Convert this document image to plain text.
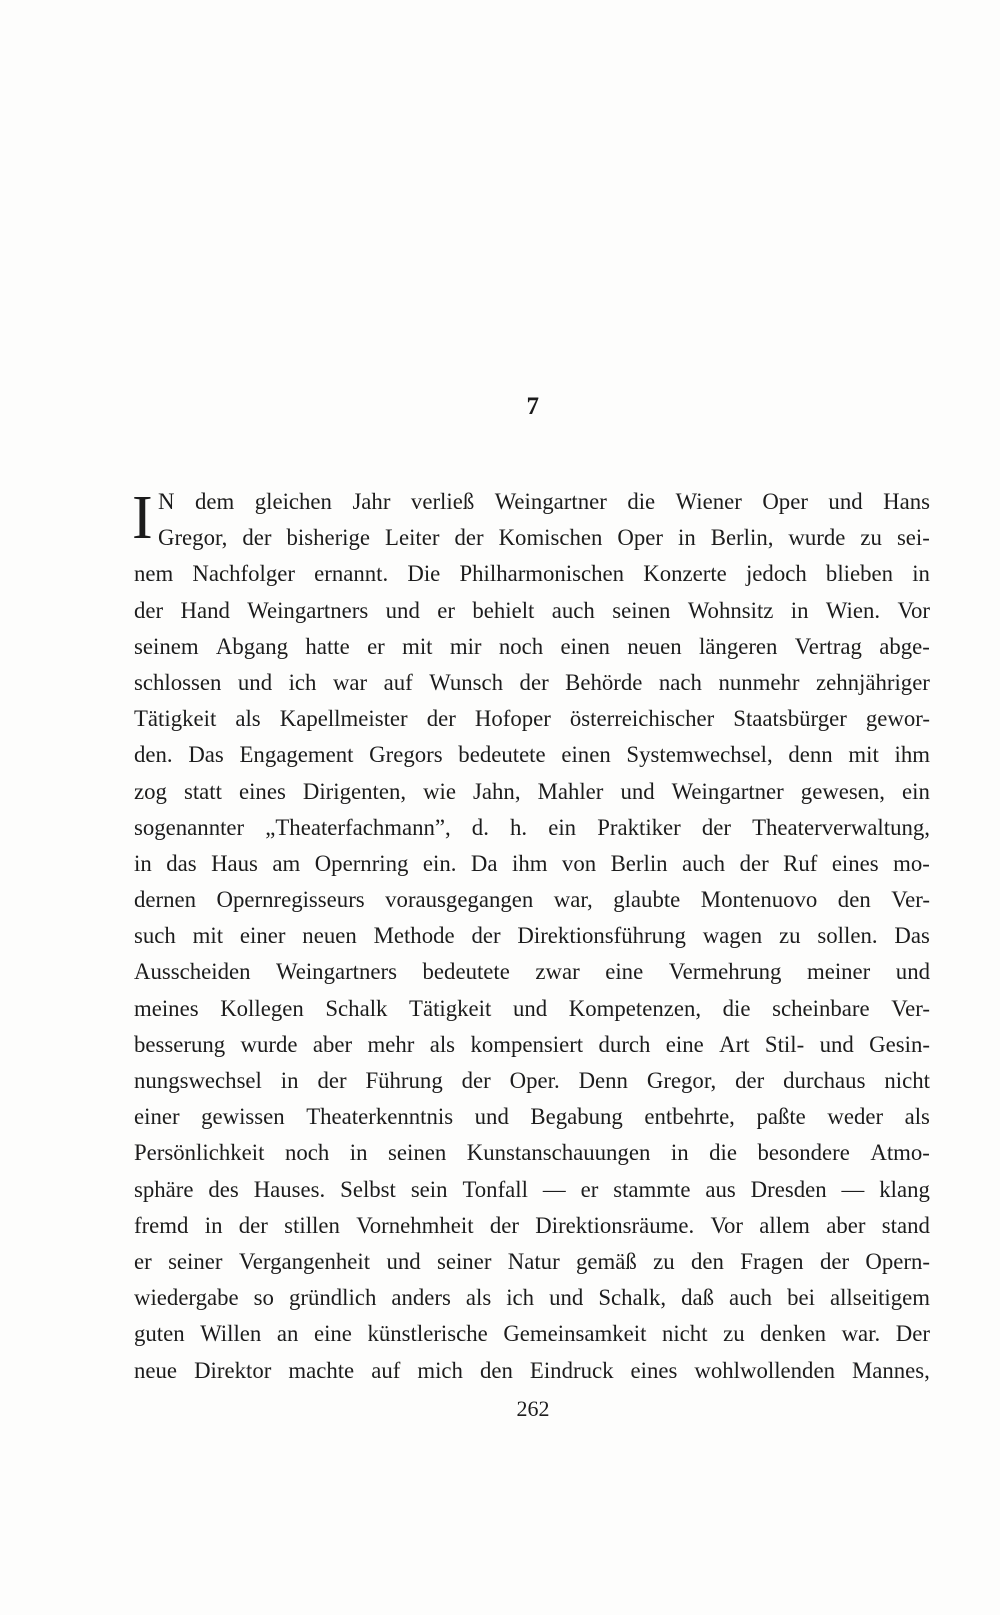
7
I N dem gleichen Jahr verließ Weingartner die Wiener Oper und Hans
Gregor, der bisherige Leiter der Komischen Oper in Berlin, wurde zu sei-
nem Nachfolger ernannt. Die Philharmonischen Konzerte jedoch blieben in
der Hand Weingartners und er behielt auch seinen Wohnsitz in Wien. Vor
seinem Abgang hatte er mit mir noch einen neuen längeren Vertrag abge-
schlossen und ich war auf Wunsch der Behörde nach nunmehr zehnjähriger
Tätigkeit als Kapellmeister der Hofoper österreichischer Staatsbürger gewor-
den. Das Engagement Gregors bedeutete einen Systemwechsel, denn mit ihm
zog statt eines Dirigenten, wie Jahn, Mahler und Weingartner gewesen, ein
sogenannter „Theaterfachmann”, d. h. ein Praktiker der Theaterverwaltung,
in das Haus am Opernring ein. Da ihm von Berlin auch der Ruf eines mo-
dernen Opernregisseurs vorausgegangen war, glaubte Montenuovo den Ver-
such mit einer neuen Methode der Direktionsführung wagen zu sollen. Das
Ausscheiden Weingartners bedeutete zwar eine Vermehrung meiner und
meines Kollegen Schalk Tätigkeit und Kompetenzen, die scheinbare Ver-
besserung wurde aber mehr als kompensiert durch eine Art Stil- und Gesin-
nungswechsel in der Führung der Oper. Denn Gregor, der durchaus nicht
einer gewissen Theaterkenntnis und Begabung entbehrte, paßte weder als
Persönlichkeit noch in seinen Kunstanschauungen in die besondere Atmo-
sphäre des Hauses. Selbst sein Tonfall — er stammte aus Dresden — klang
fremd in der stillen Vornehmheit der Direktionsräume. Vor allem aber stand
er seiner Vergangenheit und seiner Natur gemäß zu den Fragen der Opern-
wiedergabe so gründlich anders als ich und Schalk, daß auch bei allseitigem
guten Willen an eine künstlerische Gemeinsamkeit nicht zu denken war. Der
neue Direktor machte auf mich den Eindruck eines wohlwollenden Mannes,
262
